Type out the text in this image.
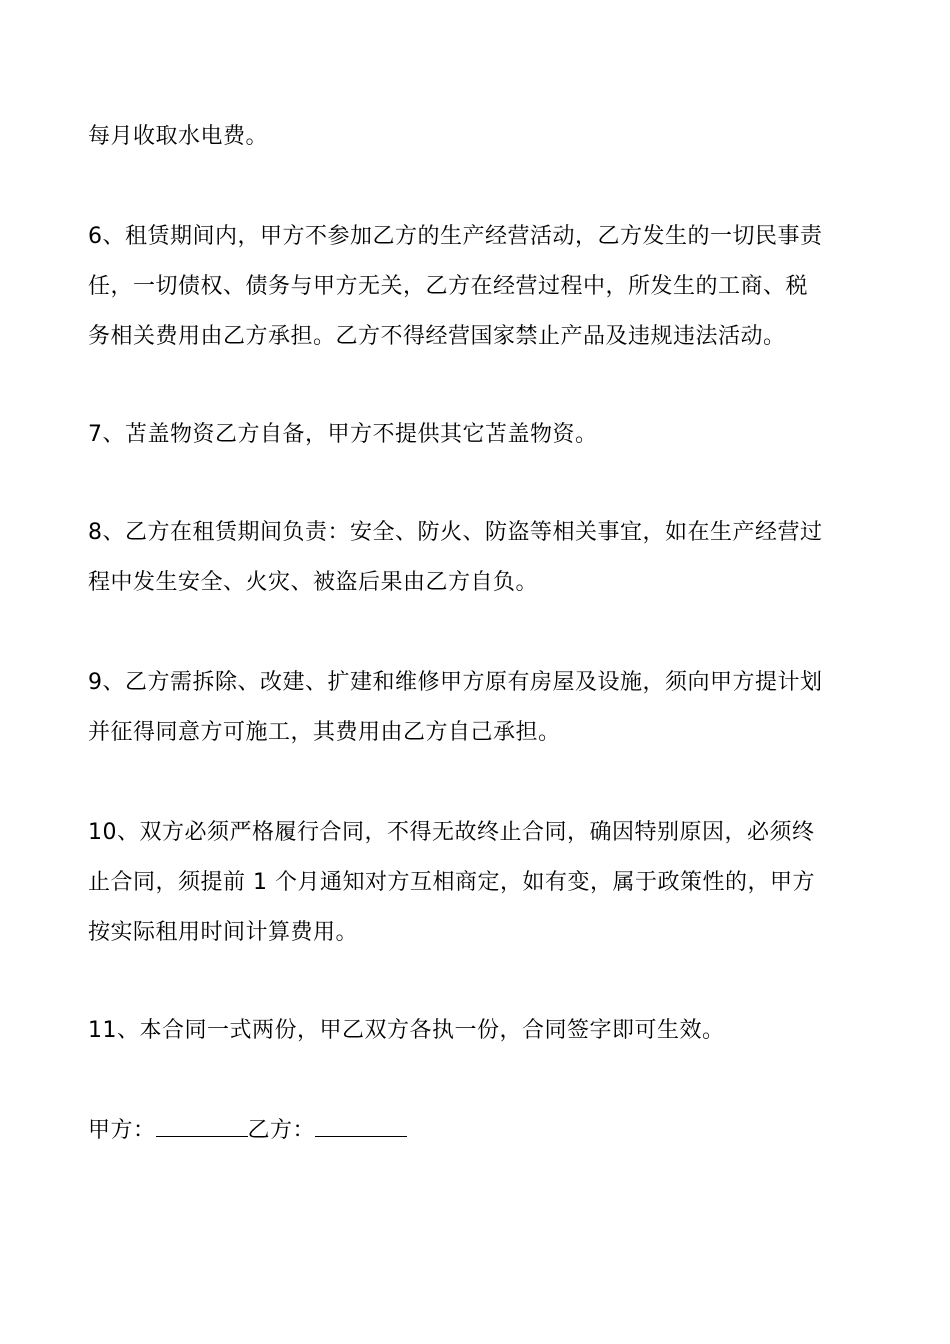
每月收取水电费。
6、租赁期间内，甲方不参加乙方的生产经营活动，乙方发生的一切民事责
任，一切债权、债务与甲方无关，乙方在经营过程中，所发生的工商、税
务相关费用由乙方承担。乙方不得经营国家禁止产品及违规违法活动。
7、苫盖物资乙方自备，甲方不提供其它苫盖物资。
8、乙方在租赁期间负责：安全、防火、防盗等相关事宜，如在生产经营过
程中发生安全、火灾、被盗后果由乙方自负。
9、乙方需拆除、改建、扩建和维修甲方原有房屋及设施，须向甲方提计划
并征得同意方可施工，其费用由乙方自己承担。
10、双方必须严格履行合同，不得无故终止合同，确因特别原因，必须终
止合同，须提前 1 个月通知对方互相商定，如有变，属于政策性的，甲方
按实际租用时间计算费用。
11、本合同一式两份，甲乙双方各执一份，合同签字即可生效。
甲方：	乙方：
